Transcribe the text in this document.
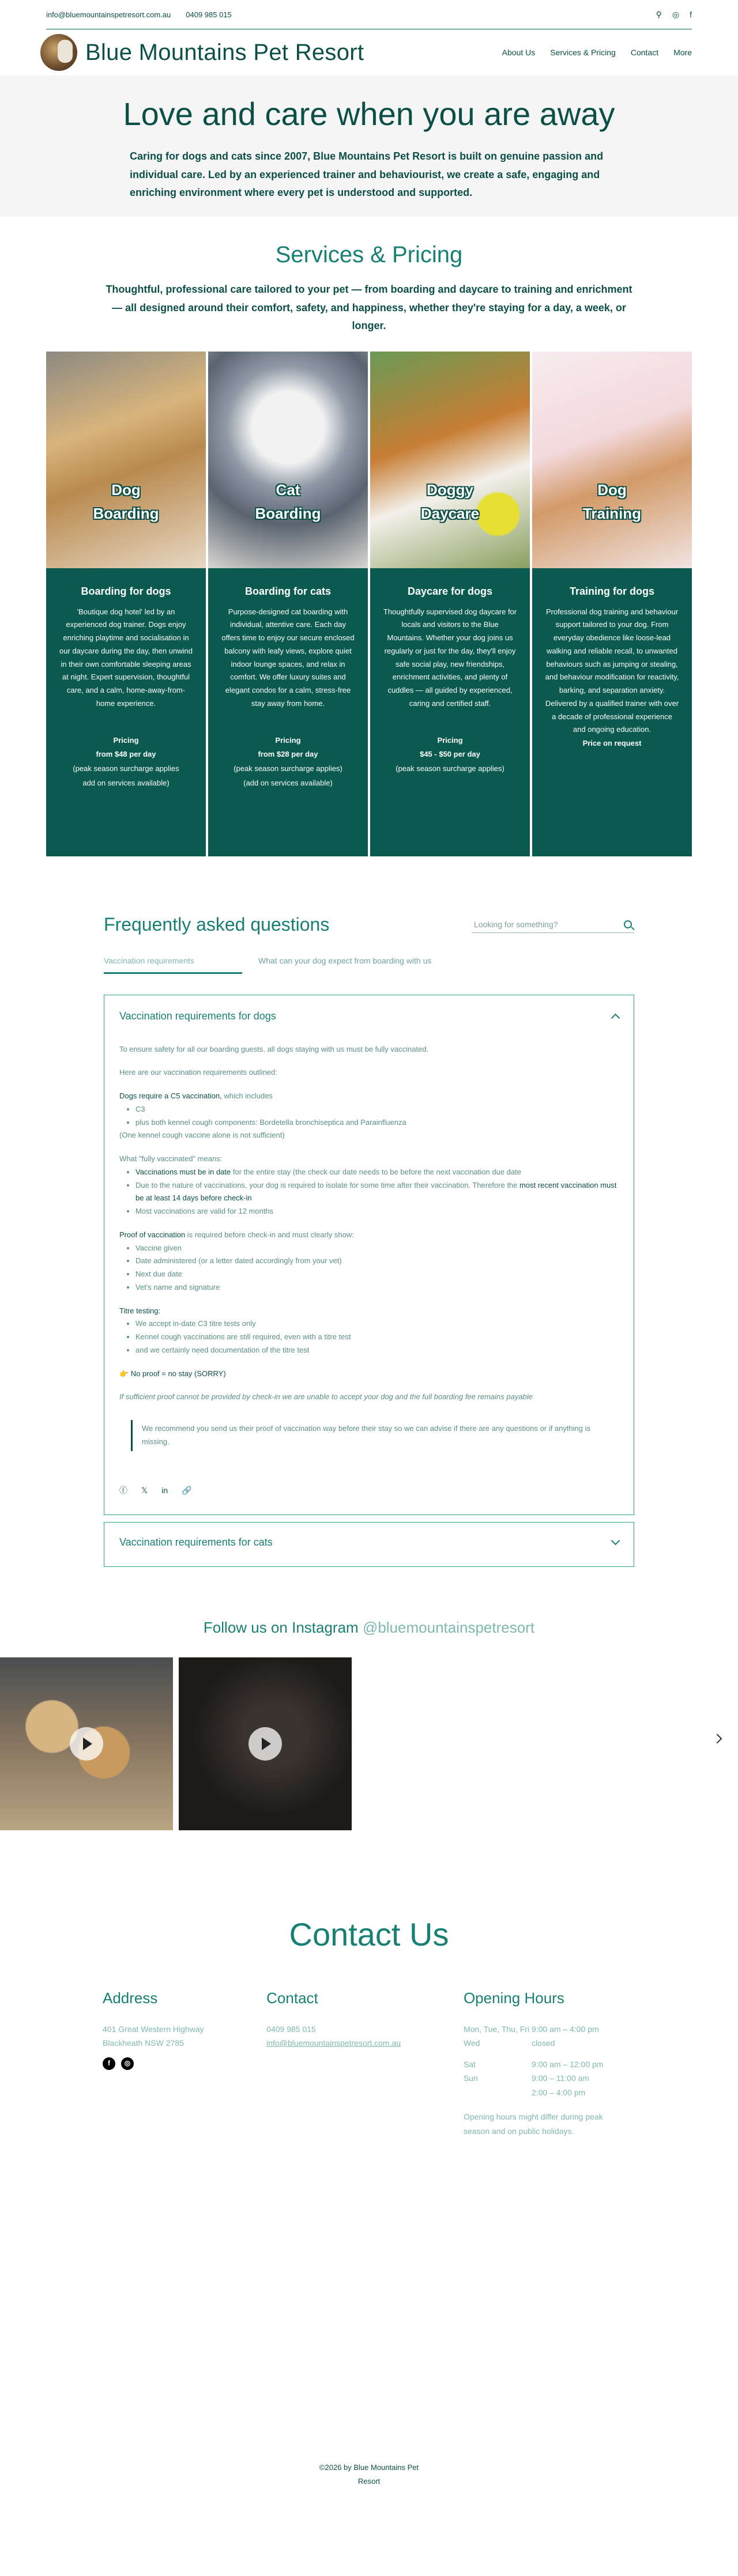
info@bluemountainspetresort.com.au 0409 985 015	⚲ ◎ f
Blue Mountains Pet Resort	About Us Services & Pricing Contact More
Love and care when you are away

Caring for dogs and cats since 2007, Blue Mountains Pet Resort is built on genuine passion and individual care. Led by an experienced trainer and behaviourist, we create a safe, engaging and enriching environment where every pet is understood and supported.

Services & Pricing

Thoughtful, professional care tailored to your pet — from boarding and daycare to training and enrichment — all designed around their comfort, safety, and happiness, whether they're staying for a day, a week, or longer.

Dog
Boarding
Boarding for dogs

'Boutique dog hotel' led by an experienced dog trainer. Dogs enjoy enriching playtime and socialisation in our daycare during the day, then unwind in their own comfortable sleeping areas at night. Expert supervision, thoughtful care, and a calm, home-away-from-home experience.

Pricing
from $48 per day
(peak season surcharge applies
add on services available)
Cat
Boarding
Boarding for cats

Purpose-designed cat boarding with individual, attentive care. Each day offers time to enjoy our secure enclosed balcony with leafy views, explore quiet indoor lounge spaces, and relax in comfort. We offer luxury suites and elegant condos for a calm, stress-free stay away from home.

Pricing
from $28 per day
(peak season surcharge applies)
(add on services available)
Doggy
Daycare
Daycare for dogs

Thoughtfully supervised dog daycare for locals and visitors to the Blue Mountains. Whether your dog joins us regularly or just for the day, they'll enjoy safe social play, new friendships, enrichment activities, and plenty of cuddles — all guided by experienced, caring and certified staff.

Pricing
$45 - $50 per day
(peak season surcharge applies)
Dog
Training
Training for dogs

Professional dog training and behaviour support tailored to your dog. From everyday obedience like loose-lead walking and reliable recall, to unwanted behaviours such as jumping or stealing, and behaviour modification for reactivity, barking, and separation anxiety. Delivered by a qualified trainer with over a decade of professional experience and ongoing education.

Price on request
Frequently asked questions
Looking for something?
Vaccination requirements	What can your dog expect from boarding with us
Vaccination requirements for dogs

To ensure safety for all our boarding guests, all dogs staying with us must be fully vaccinated.

Here are our vaccination requirements outlined:

Dogs require a C5 vaccination, which includes
• C3
• plus both kennel cough components: Bordetella bronchiseptica and Parainfluenza

(One kennel cough vaccine alone is not sufficient)

What "fully vaccinated" means:
• Vaccinations must be in date for the entire stay (the check our date needs to be before the next vaccination due date
• Due to the nature of vaccinations, your dog is required to isolate for some time after their vaccination. Therefore the most recent vaccination must be at least 14 days before check-in
• Most vaccinations are valid for 12 months
Proof of vaccination is required before check-in and must clearly show:
• Vaccine given
• Date administered (or a letter dated accordingly from your vet)
• Next due date
• Vet's name and signature
Titre testing:
• We accept in-date C3 titre tests only
• Kennel cough vaccinations are still required, even with a titre test
• and we certainly need documentation of the titre test

👉 No proof = no stay (SORRY)

If sufficient proof cannot be provided by check-in we are unable to accept your dog and the full boarding fee remains payable

We recommend you send us their proof of vaccination way before their stay so we can advise if there are any questions or if anything is missing.
ⓕ 𝕏 in 🔗
Vaccination requirements for cats
Follow us on Instagram @bluemountainspetresort
Contact Us
Address
401 Great Western Highway
Blackheath NSW 2785
f	◎
Contact
0409 985 015
info@bluemountainspetresort.com.au
Opening Hours
Mon, Tue, Thu, Fri 9:00 am – 4:00 pm
Wed	closed
Sat	9:00 am – 12:00 pm
Sun	9:00 – 11:00 am
2:00 – 4:00 pm
Opening hours might differ during peak season and on public holidays.
©2026 by Blue Mountains Pet
Resort
